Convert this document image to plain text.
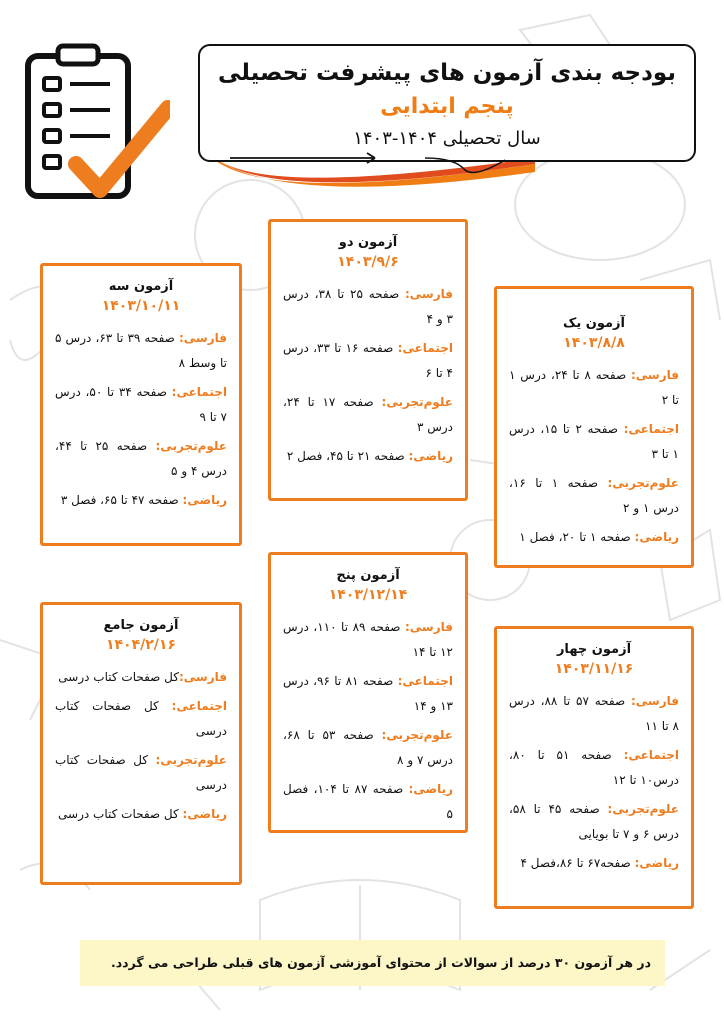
بودجه بندی آزمون های پیشرفت تحصیلی
پنجم ابتدایی
سال تحصیلی ۱۴۰۴-۱۴۰۳
آزمون دو
۱۴۰۳/۹/۶
فارسی: صفحه ۲۵ تا ۳۸، درس ۳ و ۴
اجتماعی: صفحه ۱۶ تا ۳۳، درس ۴ تا ۶
علوم‌تجربی: صفحه ۱۷ تا ۲۴، درس ۳
ریاضی: صفحه ۲۱ تا ۴۵، فصل ۲
آزمون سه
۱۴۰۳/۱۰/۱۱
فارسی: صفحه ۳۹ تا ۶۳، درس ۵ تا وسط ۸
اجتماعی: صفحه ۳۴ تا ۵۰، درس ۷ تا ۹
علوم‌تجربی: صفحه ۲۵ تا ۴۴، درس ۴ و ۵
ریاضی: صفحه ۴۷ تا ۶۵، فصل ۳
آزمون یک
۱۴۰۳/۸/۸
فارسی: صفحه ۸ تا ۲۴، درس ۱ تا ۲
اجتماعی: صفحه ۲ تا ۱۵، درس ۱ تا ۳
علوم‌تجربی: صفحه ۱ تا ۱۶، درس ۱ و ۲
ریاضی: صفحه ۱ تا ۲۰، فصل ۱
آزمون پنج
۱۴۰۳/۱۲/۱۴
فارسی: صفحه ۸۹ تا ۱۱۰، درس ۱۲ تا ۱۴
اجتماعی: صفحه ۸۱ تا ۹۶، درس ۱۳ و ۱۴
علوم‌تجربی: صفحه ۵۳ تا ۶۸، درس ۷ و ۸
ریاضی: صفحه ۸۷ تا ۱۰۴، فصل ۵
آزمون جامع
۱۴۰۴/۲/۱۶
فارسی:کل صفحات کتاب درسی
اجتماعی: کل صفحات کتاب درسی
علوم‌تجربی: کل صفحات کتاب درسی
ریاضی: کل صفحات کتاب درسی
آزمون چهار
۱۴۰۳/۱۱/۱۶
فارسی: صفحه ۵۷ تا ۸۸، درس ۸ تا ۱۱
اجتماعی: صفحه ۵۱ تا ۸۰، درس۱۰ تا ۱۲
علوم‌تجربی: صفحه ۴۵ تا ۵۸، درس ۶ و ۷ تا بویایی
ریاضی: صفحه۶۷ تا ۸۶،فصل ۴
در هر آزمون ۳۰ درصد از سوالات از محتوای آموزشی آزمون های قبلی طراحی می گردد.
